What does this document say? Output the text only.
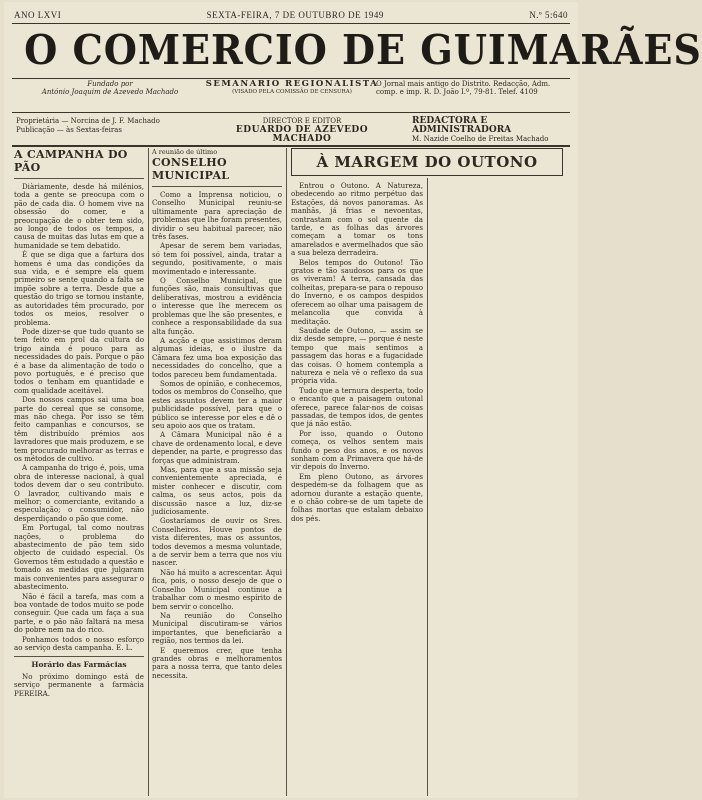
ANO LXVI	SEXTA-FEIRA, 7 DE OUTUBRO DE 1949	N.º 5:640
O COMERCIO DE GUIMARÃES
Fundado por
António Joaquim de Azevedo Machado
SEMANARIO REGIONALISTA
(VISADO PELA COMISSÃO DE CENSURA)
O Jornal mais antigo do Distrito. Redacção, Adm. comp. e imp. R. D. João I.º, 79-81. Telef. 4109
Proprietária — Norcina de J. F. Machado
Publicação — às Sextas-feiras
DIRECTOR E EDITOR
EDUARDO DE AZEVEDO MACHADO
REDACTORA E ADMINISTRADORA
M. Nazide Coelho de Freitas Machado
A CAMPANHA DO PÃO

Diàriamente, desde há milénios, toda a gente se preocupa com o pão de cada dia. O homem vive na obsessão do comer, e a preocupação de o obter tem sido, ao longo de todos os tempos, a causa de muitas das lutas em que a humanidade se tem debatido.

É que se diga que a fartura dos homens é uma das condições da sua vida, e é sempre ela quem primeiro se sente quando a falta se impõe sobre a terra. Desde que a questão do trigo se tornou instante, as autoridades têm procurado, por todos os meios, resolver o problema.

Pode dizer-se que tudo quanto se tem feito em prol da cultura do trigo ainda é pouco para as necessidades do país. Porque o pão é a base da alimentação de todo o povo português, e é preciso que todos o tenham em quantidade e com qualidade aceitável.

Dos nossos campos sai uma boa parte do cereal que se consome, mas não chega. Por isso se têm feito campanhas e concursos, se têm distribuído prémios aos lavradores que mais produzem, e se tem procurado melhorar as terras e os métodos de cultivo.

A campanha do trigo é, pois, uma obra de interesse nacional, à qual todos devem dar o seu contributo. O lavrador, cultivando mais e melhor; o comerciante, evitando a especulação; o consumidor, não desperdiçando o pão que come.

Em Portugal, tal como noutras nações, o problema do abastecimento de pão tem sido objecto de cuidado especial. Os Governos têm estudado a questão e tomado as medidas que julgaram mais convenientes para assegurar o abastecimento.

Não é fácil a tarefa, mas com a boa vontade de todos muito se pode conseguir. Que cada um faça a sua parte, e o pão não faltará na mesa do pobre nem na do rico.

Ponhamos todos o nosso esforço ao serviço desta campanha. E. L.

Horário das Farmácias

No próximo domingo está de serviço permanente a farmácia PEREIRA.

A reunião de último
CONSELHO MUNICIPAL

Como a Imprensa noticiou, o Conselho Municipal reuniu-se ultimamente para apreciação de problemas que lhe foram presentes, dividir o seu habitual parecer, não três fases.

Apesar de serem bem variadas, só tem foi possível, ainda, tratar a segundo, positivamente, o mais movimentado e interessante.

O Conselho Municipal, que funções são, mais consultivas que deliberativas, mostrou a evidência o interesse que lhe merecem os problemas que lhe são presentes, e conhece a responsabilidade da sua alta função.

A acção e que assistimos deram algumas ideias, e o ilustre da Câmara fez uma boa exposição das necessidades do concelho, que a todos pareceu bem fundamentada.

Somos de opinião, e conhecemos, todos os membros do Conselho, que estes assuntos devem ter a maior publicidade possível, para que o público se interesse por eles e dê o seu apoio aos que os tratam.

A Câmara Municipal não é a chave de ordenamento local, e deve depender, na parte, e progresso das forças que administram.

Mas, para que a sua missão seja convenientemente apreciada, é mister conhecer e discutir, com calma, os seus actos, pois da discussão nasce a luz, diz-se judiciosamente.

Gostaríamos de ouvir os Sres. Conselheiros. Houve pontos de vista diferentes, mas os assuntos, todos devemos a mesma voluntade, a de servir bem a terra que nos viu nascer.

Não há muito a acrescentar. Aqui fica, pois, o nosso desejo de que o Conselho Municipal continue a trabalhar com o mesmo espírito de bem servir o concelho.

Na reunião do Conselho Municipal discutiram-se vários importantes, que beneficiarão a região, nos termos da lei.

E queremos crer, que tenha grandes obras e melhoramentos para a nossa terra, que tanto deles necessita.

À MARGEM DO OUTONO

Entrou o Outono. A Natureza, obedecendo ao ritmo perpétuo das Estações, dá novos panoramas. As manhãs, já frias e nevoentas, contrastam com o sol quente da tarde, e as folhas das árvores começam a tomar os tons amarelados e avermelhados que são a sua beleza derradeira.

Belos tempos do Outono! Tão gratos e tão saudosos para os que os viveram! A terra, cansada das colheitas, prepara-se para o repouso do Inverno, e os campos despidos oferecem ao olhar uma paisagem de melancolia que convida à meditação.

Saudade de Outono, — assim se diz desde sempre, — porque é neste tempo que mais sentimos a passagem das horas e a fugacidade das coisas. O homem contempla a natureza e nela vê o reflexo da sua própria vida.

Tudo que a ternura desperta, todo o encanto que a paisagem outonal oferece, parece falar-nos de coisas passadas, de tempos idos, de gentes que já não estão.

Por isso, quando o Outono começa, os velhos sentem mais fundo o peso dos anos, e os novos sonham com a Primavera que há-de vir depois do Inverno.

Em pleno Outono, as árvores despedem-se da folhagem que as adornou durante a estação quente, e o chão cobre-se de um tapete de folhas mortas que estalam debaixo dos pés.
